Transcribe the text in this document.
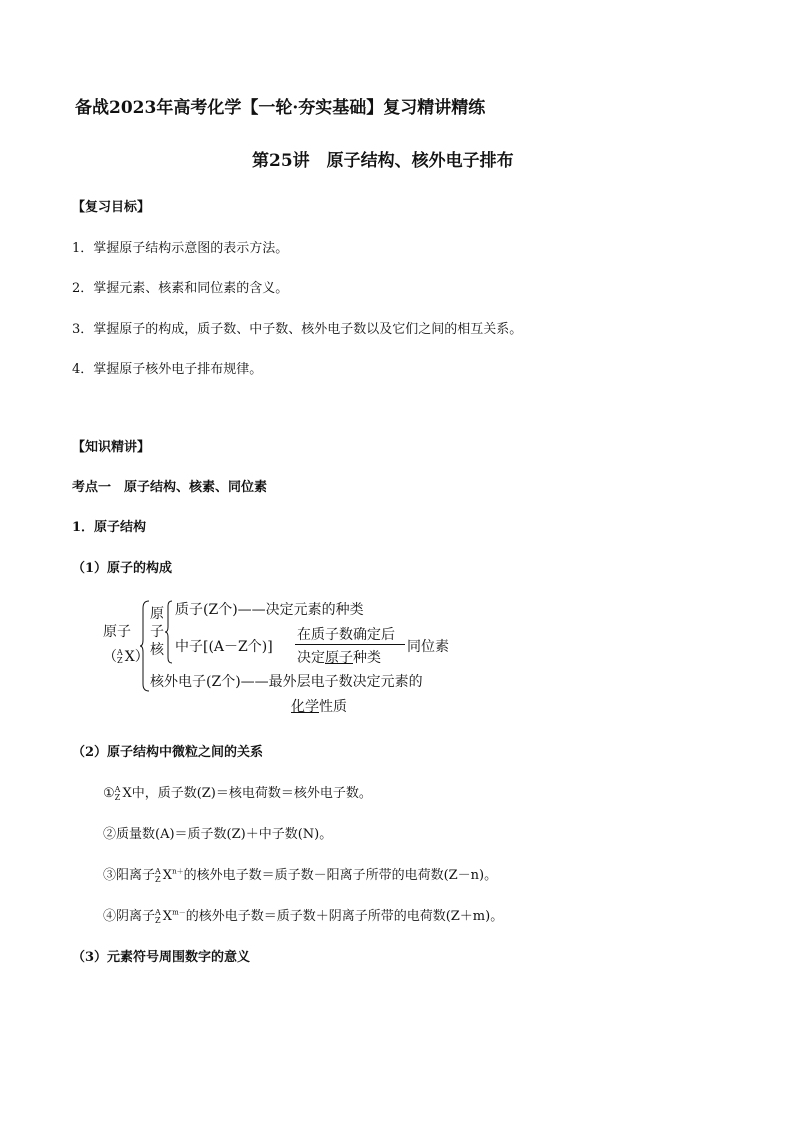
备战2023年高考化学【一轮·夯实基础】复习精讲精练
第25讲　原子结构、核外电子排布
【复习目标】
1．掌握原子结构示意图的表示方法。
2．掌握元素、核素和同位素的含义。
3．掌握原子的构成，质子数、中子数、核外电子数以及它们之间的相互关系。
4．掌握原子核外电子排布规律。
【知识精讲】
考点一　原子结构、核素、同位素
1．原子结构
（1）原子的构成
原子
（ A
Z X）
原
子
核
质子(Z个)——决定元素的种类
中子[(A－Z个)]
在质子数确定后
决定原子种类
同位素
核外电子(Z个)——最外层电子数决定元素的
化学性质
（2）原子结构中微粒之间的关系
① A
Z X中，质子数(Z)＝核电荷数＝核外电子数。
②质量数(A)＝质子数(Z)＋中子数(N)。
③阳离子 A
Z $X^{n+}$的核外电子数＝质子数－阳离子所带的电荷数(Z－n)。
④阴离子 A
Z $X^{m-}$的核外电子数＝质子数＋阴离子所带的电荷数(Z＋m)。
（3）元素符号周围数字的意义
